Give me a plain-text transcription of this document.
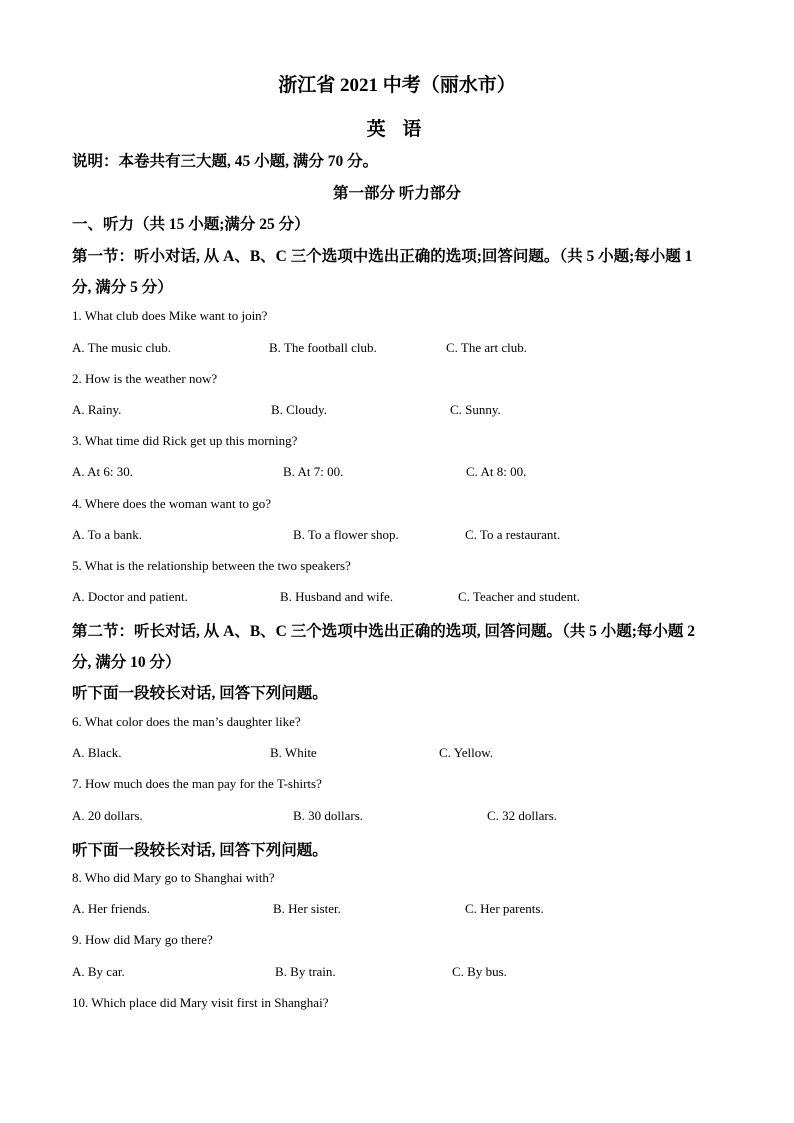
浙江省 2021 中考（丽水市）
英 语
说明：本卷共有三大题, 45 小题, 满分 70 分。
第一部分 听力部分
一、听力（共 15 小题;满分 25 分）
第一节：听小对话, 从 A、B、C 三个选项中选出正确的选项;回答问题。（共 5 小题;每小题 1
分, 满分 5 分）
1. What club does Mike want to join?
A. The music club.	B. The football club.	C. The art club.
2. How is the weather now?
A. Rainy.	B. Cloudy.	C. Sunny.
3. What time did Rick get up this morning?
A. At 6: 30.	B. At 7: 00.	C. At 8: 00.
4. Where does the woman want to go?
A. To a bank.	B. To a flower shop.	C. To a restaurant.
5. What is the relationship between the two speakers?
A. Doctor and patient.	B. Husband and wife.	C. Teacher and student.
第二节：听长对话, 从 A、B、C 三个选项中选出正确的选项, 回答问题。（共 5 小题;每小题 2
分, 满分 10 分）
听下面一段较长对话, 回答下列问题。
6. What color does the man’s daughter like?
A. Black.	B. White	C. Yellow.
7. How much does the man pay for the T-shirts?
A. 20 dollars.	B. 30 dollars.	C. 32 dollars.
听下面一段较长对话, 回答下列问题。
8. Who did Mary go to Shanghai with?
A. Her friends.	B. Her sister.	C. Her parents.
9. How did Mary go there?
A. By car.	B. By train.	C. By bus.
10. Which place did Mary visit first in Shanghai?
